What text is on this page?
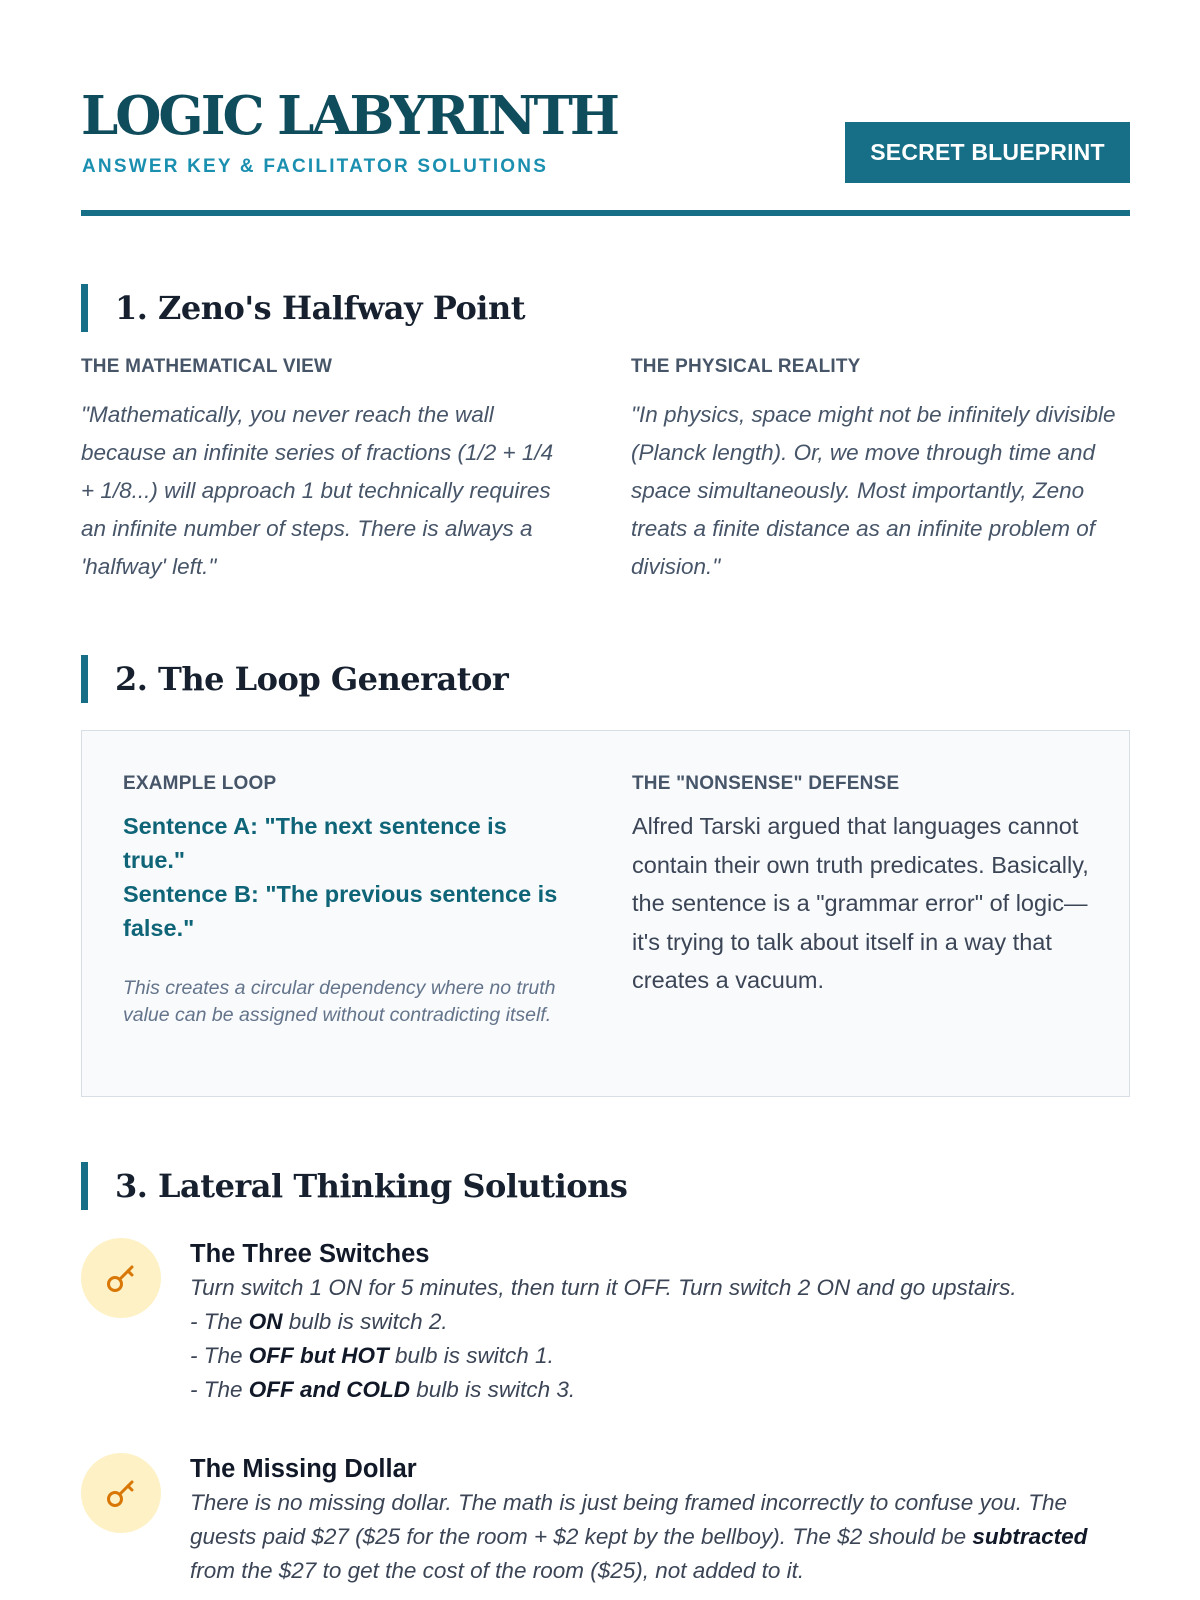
LOGIC LABYRINTH
ANSWER KEY & FACILITATOR SOLUTIONS
SECRET BLUEPRINT
1. Zeno's Halfway Point
THE MATHEMATICAL VIEW
"Mathematically, you never reach the wall because an infinite series of fractions (1/2 + 1/4 + 1/8...) will approach 1 but technically requires an infinite number of steps. There is always a 'halfway' left."
THE PHYSICAL REALITY
"In physics, space might not be infinitely divisible (Planck length). Or, we move through time and space simultaneously. Most importantly, Zeno treats a finite distance as an infinite problem of division."
2. The Loop Generator
EXAMPLE LOOP
Sentence A: "The next sentence is true."
Sentence B: "The previous sentence is false."
This creates a circular dependency where no truth value can be assigned without contradicting itself.
THE "NONSENSE" DEFENSE
Alfred Tarski argued that languages cannot contain their own truth predicates. Basically, the sentence is a "grammar error" of logic—it's trying to talk about itself in a way that creates a vacuum.
3. Lateral Thinking Solutions
The Three Switches
Turn switch 1 ON for 5 minutes, then turn it OFF. Turn switch 2 ON and go upstairs.
- The ON bulb is switch 2.
- The OFF but HOT bulb is switch 1.
- The OFF and COLD bulb is switch 3.
The Missing Dollar
There is no missing dollar. The math is just being framed incorrectly to confuse you. The guests paid $27 ($25 for the room + $2 kept by the bellboy). The $2 should be subtracted from the $27 to get the cost of the room ($25), not added to it.
